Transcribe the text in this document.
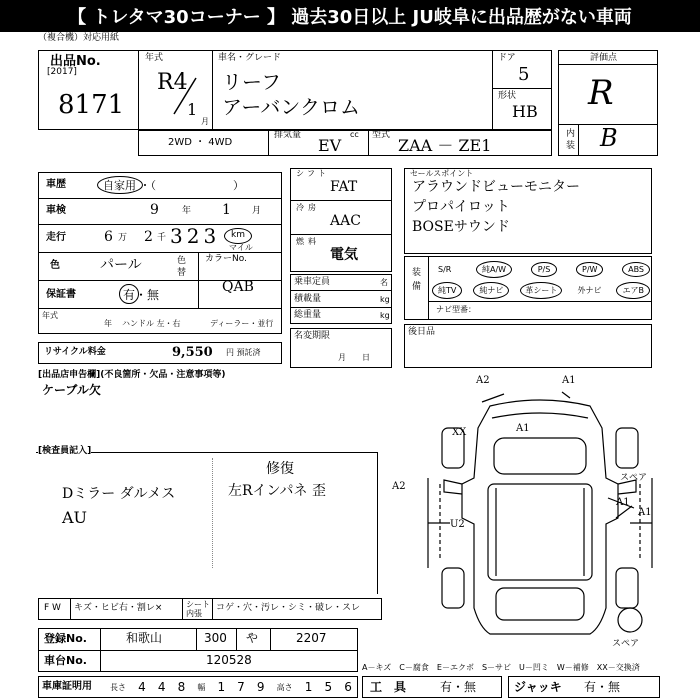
【 トレタマ30コーナー 】 過去30日以上 JU岐阜に出品歴がない車両
（複合機）対応用紙
出品No.
[2017]
8171
年式
R4
1
月
車名・グレード
リーフ
アーバンクロム
ドア
5
形状
HB
評価点
R
内装 B
2WD ・ 4WD
排気量	cc
EV
型式
ZAA － ZE1
車歴	自家用 ・（　　　　　　　）
車検	9	年 1 月
走行	6 万 2 千 323 km
マイル
色	パール	色替
カラーNo.
QAB
保証書	有・無
年式
年 ハンドル 左・右	ディーラー・並行
リサイクル料金	9,550 円 預託済
シフト
FAT
冷房
AAC
燃料
電気
乗車定員	名
積載量	kg
総重量	kg
名変期限
月　　日
セールスポイント
アラウンドビューモニター
プロパイロット
BOSEサウンド
装備
S/R	純A/W	P/S	P/W	ABS
純TV	純ナビ	革シート	外ナビ	エアB
ナビ型番：
後日品
[出品店申告欄](不良箇所・欠品・注意事項等)
ケーブル欠
[検査員記入]
Dミラー ダルメス
AU
修復
左Rインパネ 歪
A2	A1
A1
XX
A2
A1
U2
A1
スペア
スペア
A－キズ　C－腐食　E－エクボ　S－サビ　U－凹ミ　W－補修　XX－交換済
F W キズ・ヒビ右・割レ×	シート 内張
コゲ・穴・汚レ・シミ・破レ・スレ
登録No.	和歌山	300 や	2207
車台No.	120528
車庫証明用 長さ 4 4 8 幅 1 7 9 高さ 1 5 6 工　具	有・無	ジャッキ 有・無
